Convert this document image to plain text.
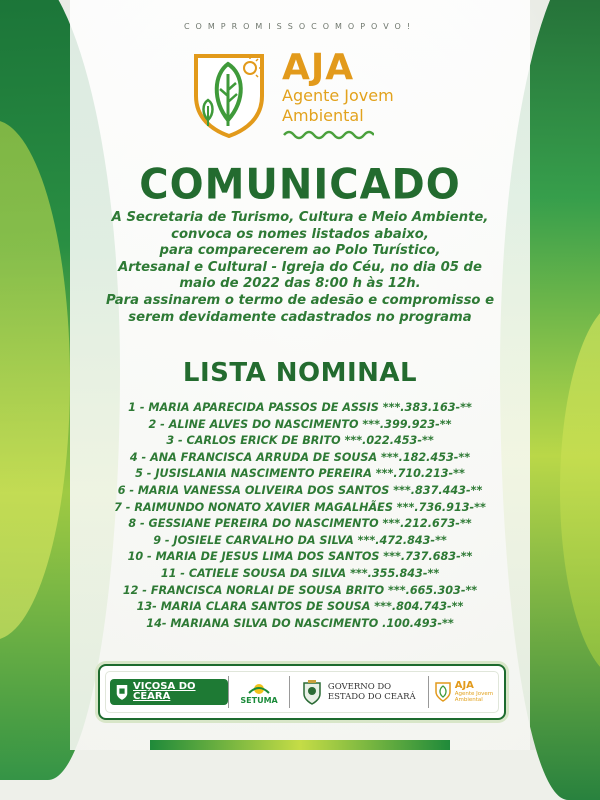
COMPROMISSOCOMOPOVO!
AJA
Agente Jovem
Ambiental
COMUNICADO

A Secretaria de Turismo, Cultura e Meio Ambiente,

convoca os nomes listados abaixo,

para comparecerem ao Polo Turístico,

Artesanal e Cultural - Igreja do Céu, no dia 05 de

maio de 2022 das 8:00 h às 12h.

Para assinarem o termo de adesão e compromisso e

serem devidamente cadastrados no programa

LISTA NOMINAL
1 - MARIA APARECIDA PASSOS DE ASSIS ***.383.163-**
2 - ALINE ALVES DO NASCIMENTO ***.399.923-**
3 - CARLOS ERICK DE BRITO ***.022.453-**
4 - ANA FRANCISCA ARRUDA DE SOUSA ***.182.453-**
5 - JUSISLANIA NASCIMENTO PEREIRA ***.710.213-**
6 - MARIA VANESSA OLIVEIRA DOS SANTOS ***.837.443-**
7 - RAIMUNDO NONATO XAVIER MAGALHÃES ***.736.913-**
8 - GESSIANE PEREIRA DO NASCIMENTO ***.212.673-**
9 - JOSIELE CARVALHO DA SILVA ***.472.843-**
10 - MARIA DE JESUS LIMA DOS SANTOS ***.737.683-**
11 - CATIELE SOUSA DA SILVA ***.355.843-**
12 - FRANCISCA NORLAI DE SOUSA BRITO ***.665.303-**
13- MARIA CLARA SANTOS DE SOUSA ***.804.743-**
14- MARIANA SILVA DO NASCIMENTO .100.493-**
VIÇOSA DO CEARÁ	SETUMA
GOVERNO DO
ESTADO DO CEARÁ
AJA
Agente Jovem
Ambiental
